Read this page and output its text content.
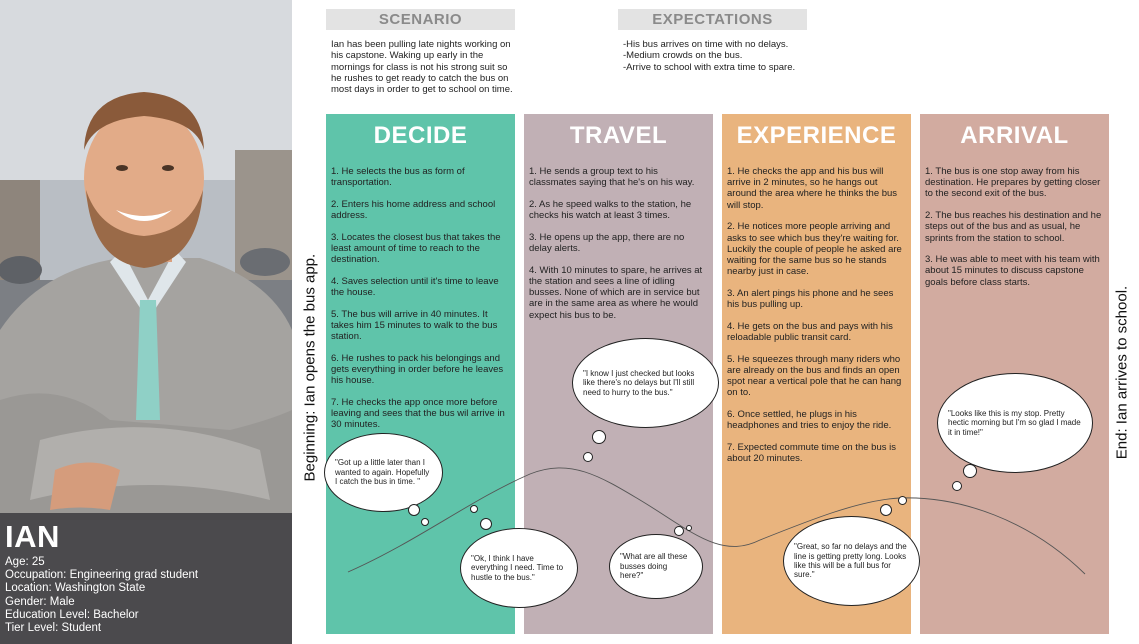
IAN
Age: 25
Occupation: Engineering grad student
Location: Washington State
Gender: Male
Education Level: Bachelor
Tier Level: Student
SCENARIO
Ian has been pulling late nights working on his capstone. Waking up early in the mornings for class is not his strong suit so he rushes to get ready to catch the bus on most days in order to get to school on time.
EXPECTATIONS
-His bus arrives on time with no delays.
-Medium crowds on the bus.
-Arrive to school with extra time to spare.
DECIDE

1. He selects the bus as form of transportation.

2. Enters his home address and school address.

3. Locates the closest bus that takes the least amount of time to reach to the destination.

4. Saves selection until it's time to leave the house.

5. The bus will arrive in 40 minutes. It takes him 15 minutes to walk to the bus station.

6. He rushes to pack his belongings and gets everything in order before he leaves his house.

7. He checks the app once more before leaving and sees that the bus wil arrive in 30 minutes.

TRAVEL

1. He sends a group text to his classmates saying that he's on his way.

2. As he speed walks to the station, he checks his watch at least 3 times.

3. He opens up the app, there are no delay alerts.

4. With 10 minutes to spare, he arrives at the station and sees a line of idling busses. None of which are in service but are in the same area as where he would expect his bus to be.

EXPERIENCE

1. He checks the app and his bus will arrive in 2 minutes, so he hangs out around the area where he thinks the bus will stop.

2. He notices more people arriving and asks to see which bus they're waiting for. Luckily the couple of people he asked are waiting for the same bus so he stands nearby just in case.

3. An alert pings his phone and he sees his bus pulling up.

4. He gets on the bus and pays with his reloadable public transit card.

5. He squeezes through many riders who are already on the bus and finds an open spot near a vertical pole that he can hang on to.

6. Once settled, he plugs in his headphones and tries to enjoy the ride.

7. Expected commute time on the bus is about 20 minutes.

ARRIVAL

1. The bus is one stop away from his destination. He prepares by getting closer to the second exit of the bus.

2. The bus reaches his destination and he steps out of the bus and as usual, he sprints from the station to school.

3. He was able to meet with his team with about 15 minutes to discuss capstone goals before class starts.

Beginning: Ian opens the bus app.	End: Ian arrives to school.
"Got up a little later than I wanted to again. Hopefully I catch the bus in time. "
"Ok, I think I have everything I need. Time to hustle to the bus."
"I know I just checked but looks like there's no delays but I'll still need to hurry to the bus."
"What are all these busses doing here?"
"Great, so far no delays and the line is getting pretty long. Looks like this will be a full bus for sure."
"Looks like this is my stop. Pretty hectic morning but I'm so glad I made it in time!"
